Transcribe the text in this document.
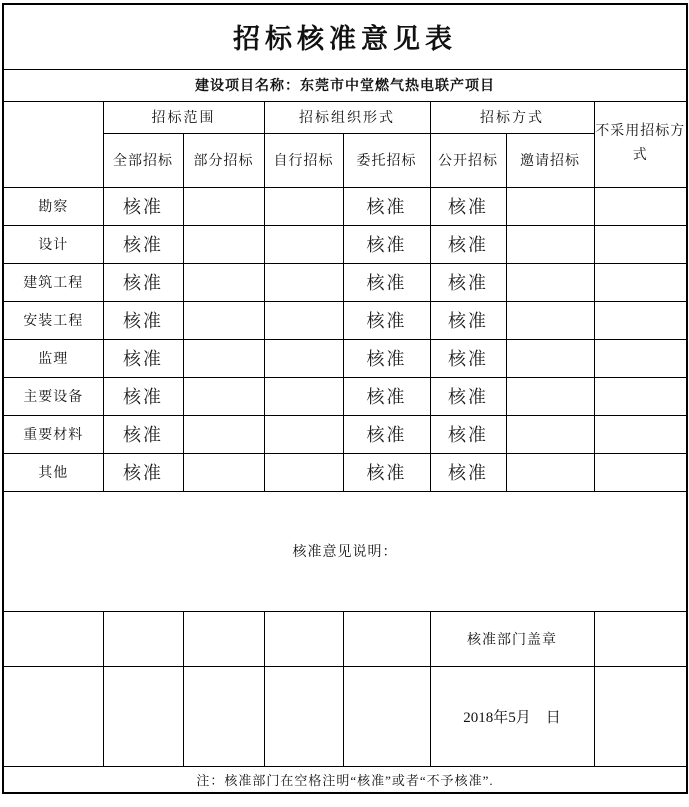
招标核准意见表							
建设项目名称：东莞市中堂燃气热电联产项目							
	招标范围		招标组织形式		招标方式		不采用招标方式
	全部招标	部分招标	自行招标	委托招标	公开招标	邀请招标	
勘察	核准			核准	核准		
设计	核准			核准	核准		
建筑工程	核准			核准	核准		
安装工程	核准			核准	核准		
监理	核准			核准	核准		
主要设备	核准			核准	核准		
重要材料	核准			核准	核准		
其他	核准			核准	核准		
核准意见说明：							
					核准部门盖章		
					2018年5月　日		
注：核准部门在空格注明“核准”或者“不予核准”.							
